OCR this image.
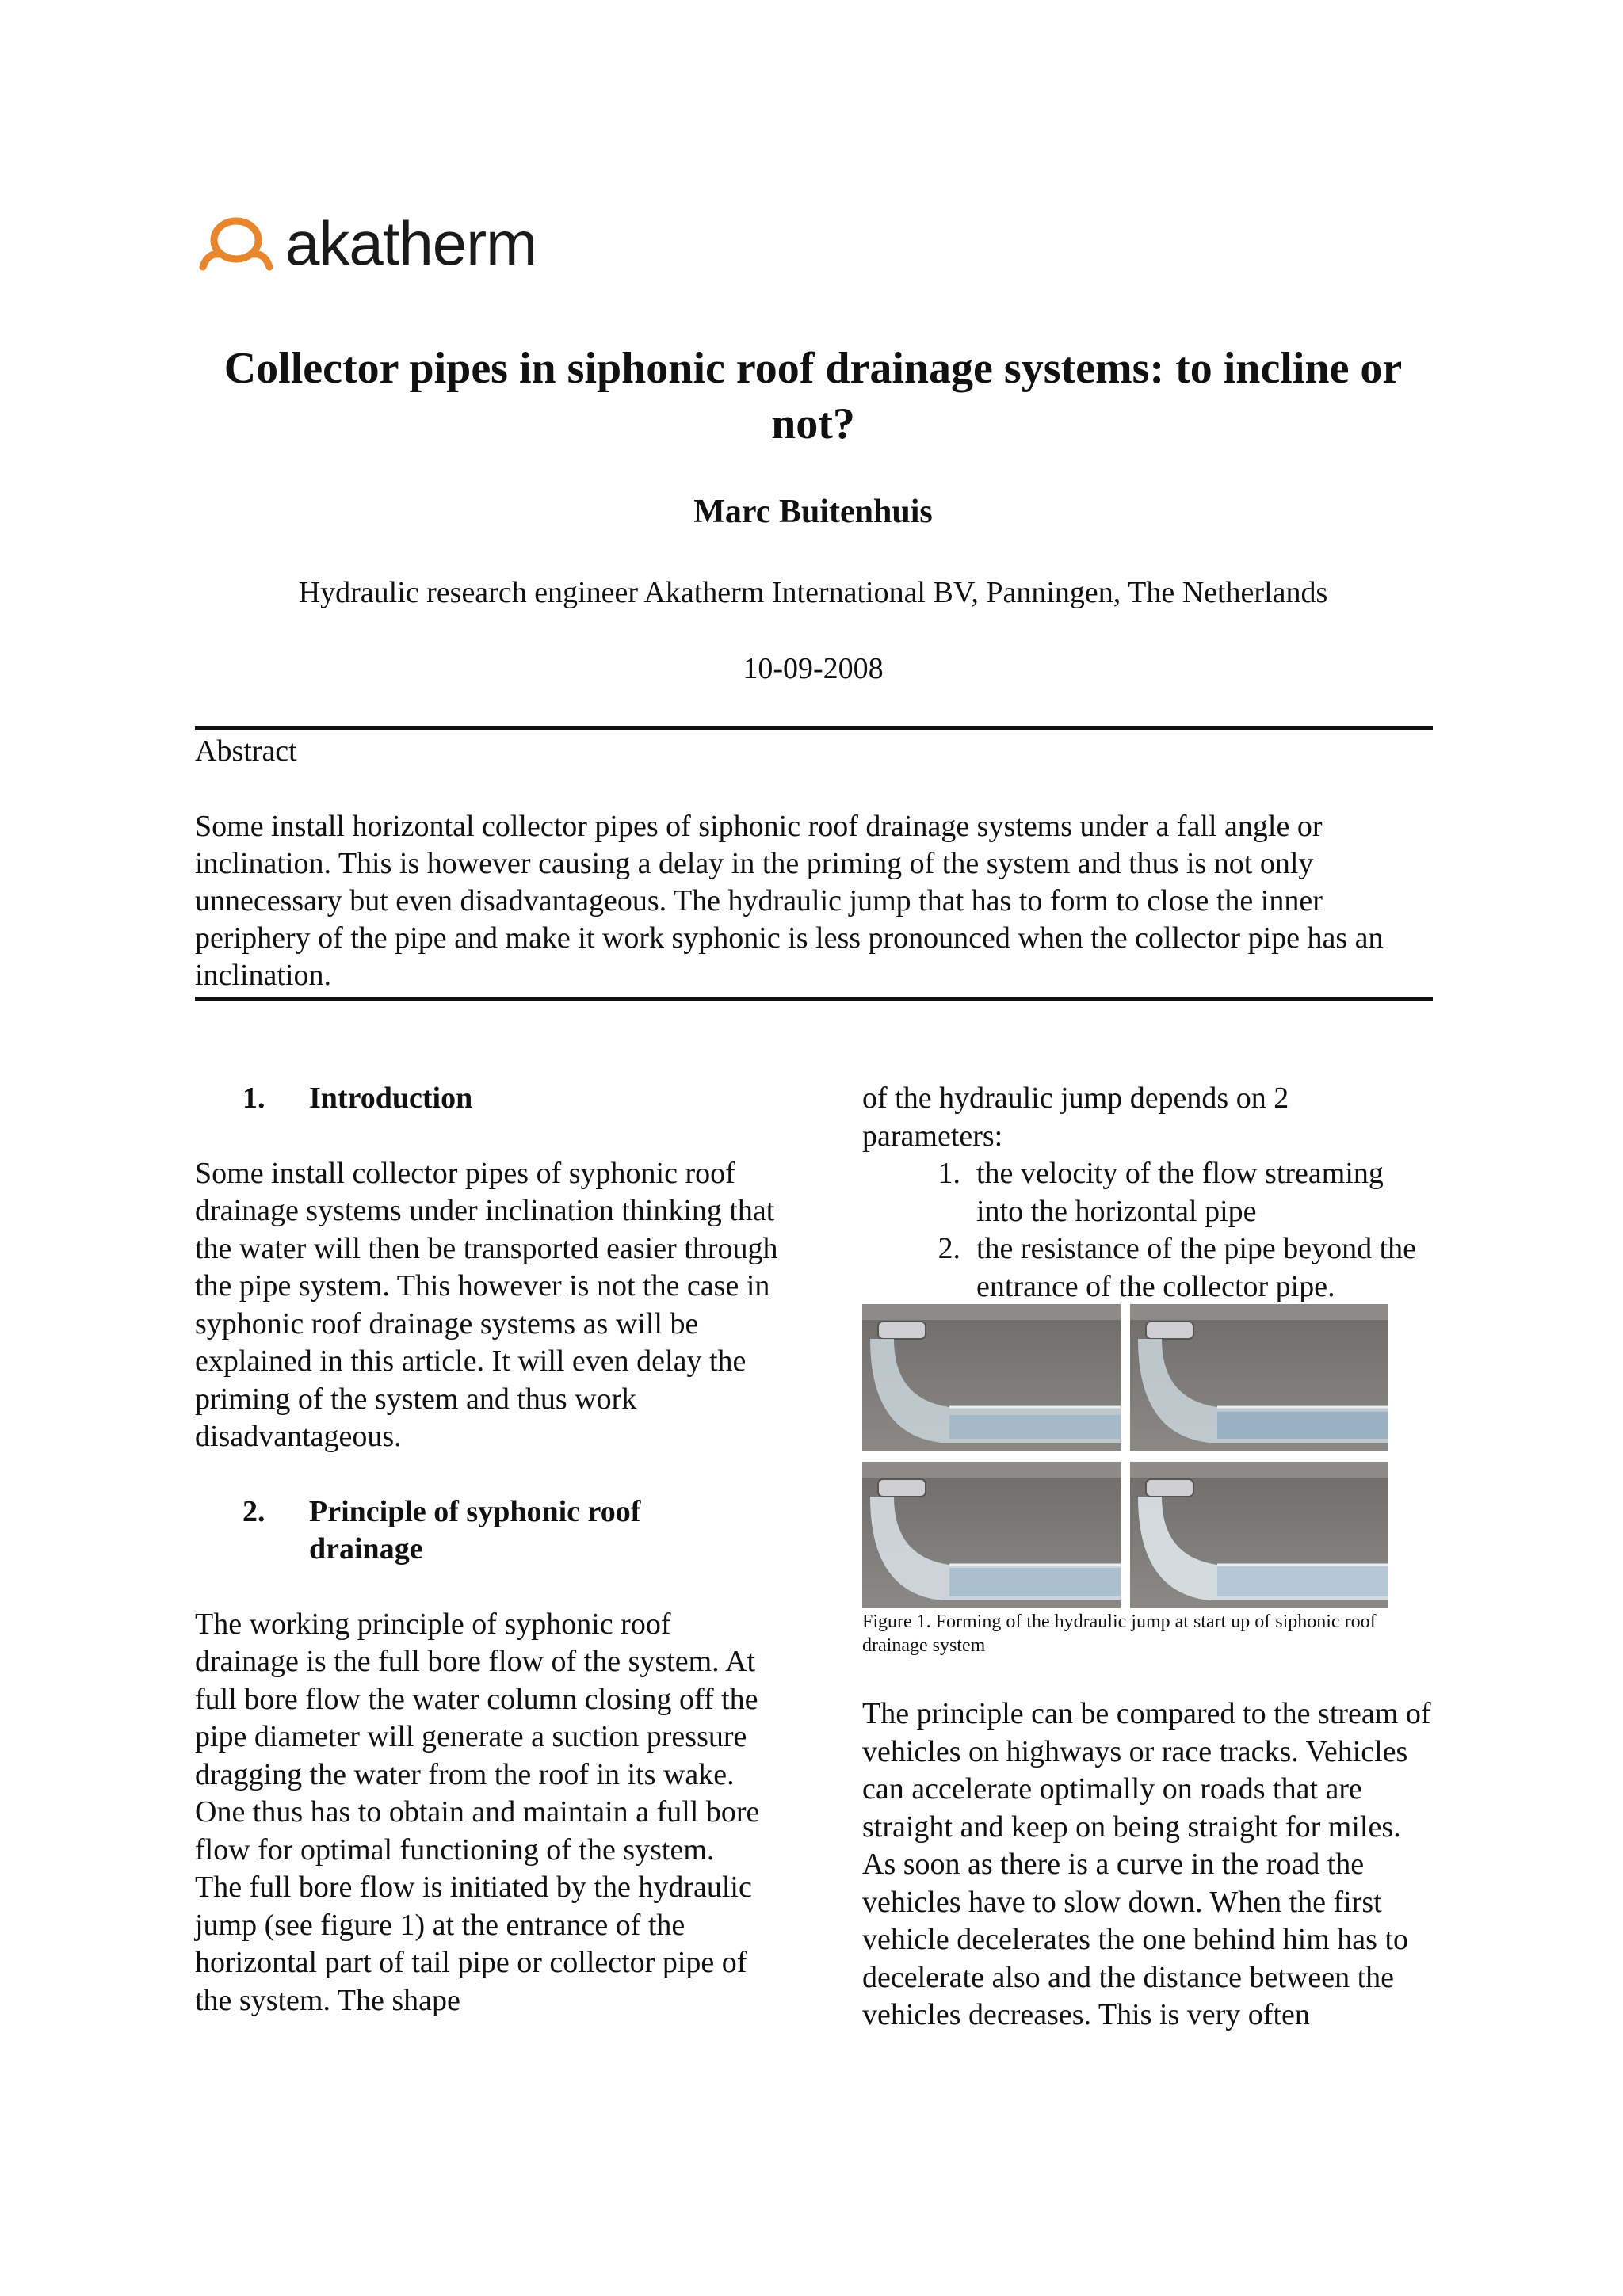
akatherm
Collector pipes in siphonic roof drainage systems: to incline or not?
Marc Buitenhuis
Hydraulic research engineer Akatherm International BV, Panningen, The Netherlands
10-09-2008
Abstract
Some install horizontal collector pipes of siphonic roof drainage systems under a fall angle or inclination. This is however causing a delay in the priming of the system and thus is not only unnecessary but even disadvantageous. The hydraulic jump that has to form to close the inner periphery of the pipe and make it work syphonic is less pronounced when the collector pipe has an inclination.
1.	Introduction

Some install collector pipes of syphonic roof drainage systems under inclination thinking that the water will then be transported easier through the pipe system. This however is not the case in syphonic roof drainage systems as will be explained in this article. It will even delay the priming of the system and thus work disadvantageous.

2.	Principle of syphonic roof drainage

The working principle of syphonic roof drainage is the full bore flow of the system. At full bore flow the water column closing off the pipe diameter will generate a suction pressure dragging the water from the roof in its wake. One thus has to obtain and maintain a full bore flow for optimal functioning of the system.

The full bore flow is initiated by the hydraulic jump (see figure 1) at the entrance of the horizontal part of tail pipe or collector pipe of the system. The shape

of the hydraulic jump depends on 2 parameters:

1. the velocity of the flow streaming into the horizontal pipe
2. the resistance of the pipe beyond the entrance of the collector pipe.
Figure 1. Forming of the hydraulic jump at start up of siphonic roof drainage system

The principle can be compared to the stream of vehicles on highways or race tracks. Vehicles can accelerate optimally on roads that are straight and keep on being straight for miles. As soon as there is a curve in the road the vehicles have to slow down. When the first vehicle decelerates the one behind him has to decelerate also and the distance between the vehicles decreases. This is very often
